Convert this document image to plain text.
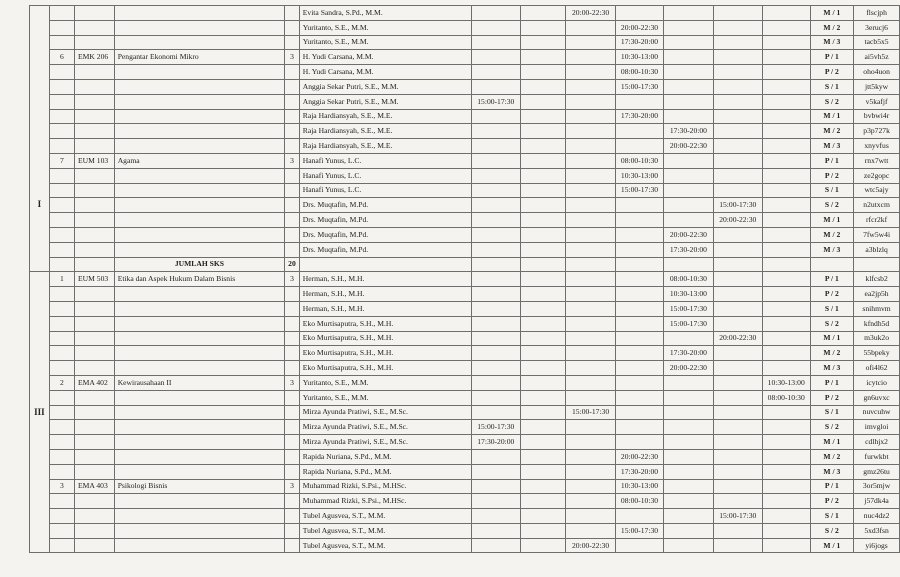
I					Evita Sandra, S.Pd., M.M.			20:00-22:30					M / 1	flscjph
					Yuritanto, S.E., M.M.				20:00-22:30				M / 2	3erucj6
					Yuritanto, S.E., M.M.				17:30-20:00				M / 3	tacb5x5
	6	EMK 206	Pengantar Ekonomi Mikro	3	H. Yudi Carsana, M.M.				10:30-13:00				P / 1	ai5vh5z
					H. Yudi Carsana, M.M.				08:00-10:30				P / 2	oho4uon
					Anggia Sekar Putri, S.E., M.M.				15:00-17:30				S / 1	jtt5kyw
					Anggia Sekar Putri, S.E., M.M.	15:00-17:30							S / 2	v5kafjf
					Raja Hardiansyah, S.E., M.E.				17:30-20:00				M / 1	bvbwi4r
					Raja Hardiansyah, S.E., M.E.					17:30-20:00			M / 2	p3p727k
					Raja Hardiansyah, S.E., M.E.					20:00-22:30			M / 3	xnyvfus
	7	EUM 103	Agama	3	Hanafi Yunus, L.C.				08:00-10:30				P / 1	rnx7wtt
					Hanafi Yunus, L.C.				10:30-13:00				P / 2	ze2gopc
					Hanafi Yunus, L.C.				15:00-17:30				S / 1	wtc5ajy
					Drs. Muqtafin, M.Pd.						15:00-17:30		S / 2	n2utxcm
					Drs. Muqtafin, M.Pd.						20:00-22:30		M / 1	rfcr2kf
					Drs. Muqtafin, M.Pd.					20:00-22:30			M / 2	7fw5w4i
					Drs. Muqtafin, M.Pd.					17:30-20:00			M / 3	a3blzlq
			JUMLAH SKS	20										
III	1	EUM 503	Etika dan Aspek Hukum Dalam Bisnis	3	Herman, S.H., M.H.					08:00-10:30			P / 1	klfcsb2
					Herman, S.H., M.H.					10:30-13:00			P / 2	ea2jp5h
					Herman, S.H., M.H.					15:00-17:30			S / 1	snihmvm
					Eko Murtisaputra, S.H., M.H.					15:00-17:30			S / 2	kfndh5d
					Eko Murtisaputra, S.H., M.H.						20:00-22:30		M / 1	m3uk2o
					Eko Murtisaputra, S.H., M.H.					17:30-20:00			M / 2	55bpeky
					Eko Murtisaputra, S.H., M.H.					20:00-22:30			M / 3	ofi4l62
	2	EMA 402	Kewirausahaan II	3	Yuritanto, S.E., M.M.							10:30-13:00	P / 1	icytcio
					Yuritanto, S.E., M.M.							08:00-10:30	P / 2	gn6uvxc
					Mirza Ayunda Pratiwi, S.E., M.Sc.			15:00-17:30					S / 1	nuvcuhw
					Mirza Ayunda Pratiwi, S.E., M.Sc.	15:00-17:30							S / 2	imvgloi
					Mirza Ayunda Pratiwi, S.E., M.Sc.	17:30-20:00							M / 1	cdlhjx2
					Rapida Nuriana, S.Pd., M.M.				20:00-22:30				M / 2	furwkbt
					Rapida Nuriana, S.Pd., M.M.				17:30-20:00				M / 3	gmz26tu
	3	EMA 403	Psikologi Bisnis	3	Muhammad Rizki, S.Psi., M.HSc.				10:30-13:00				P / 1	3or5mjw
					Muhammad Rizki, S.Psi., M.HSc.				08:00-10:30				P / 2	j57dk4a
					Tubel Agusvea, S.T., M.M.						15:00-17:30		S / 1	nuc4dz2
					Tubel Agusvea, S.T., M.M.				15:00-17:30				S / 2	5xd3fsn
					Tubel Agusvea, S.T., M.M.			20:00-22:30					M / 1	yi6jogs
